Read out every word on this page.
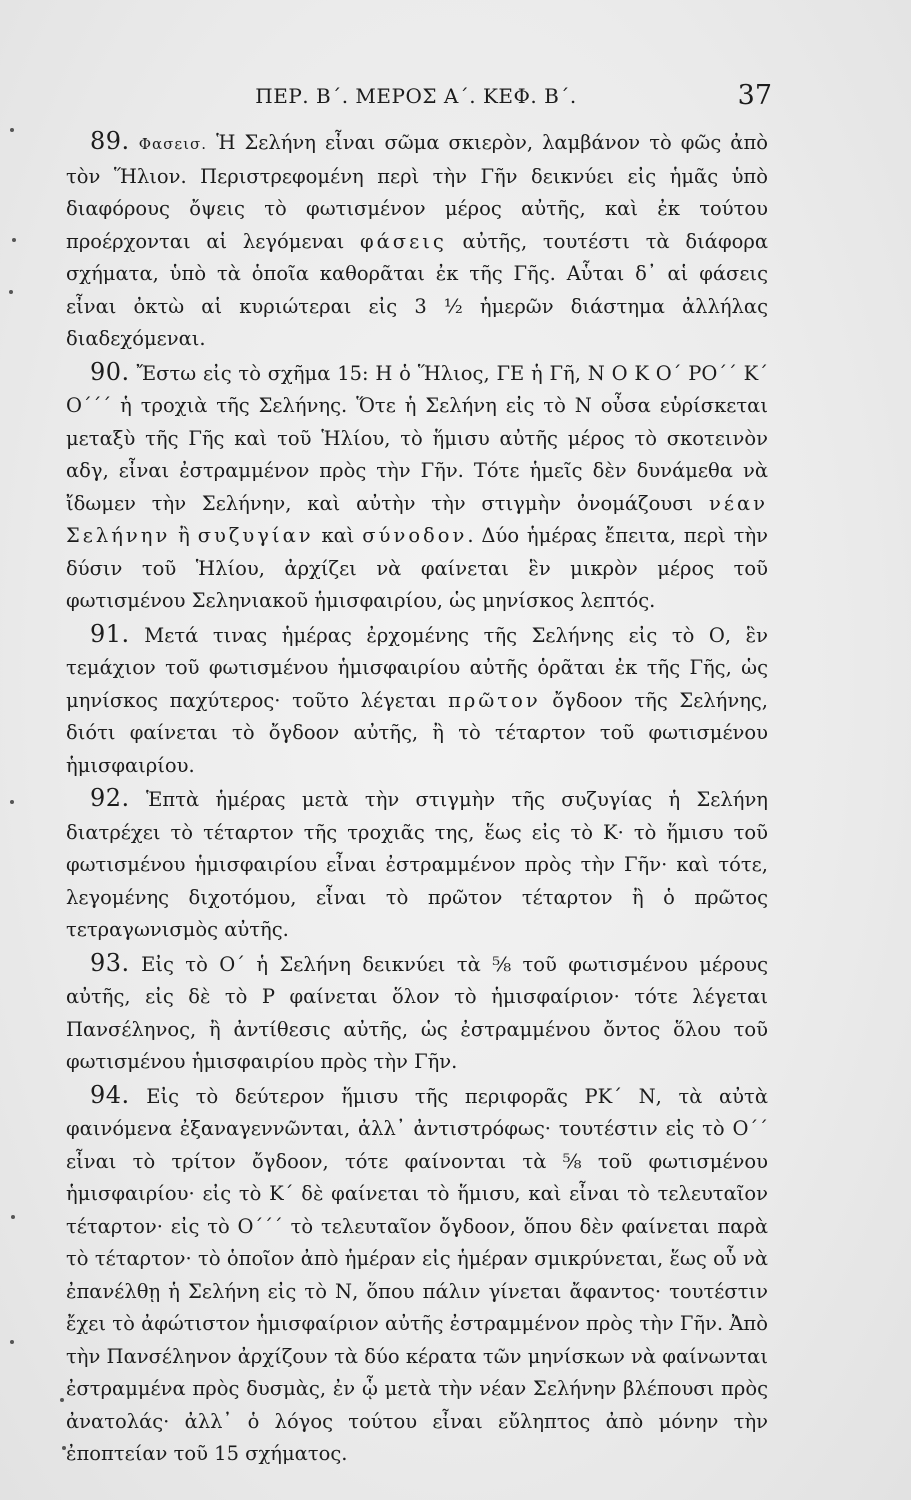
ΠΕΡ. Β΄. ΜΕΡΟΣ Α΄. ΚΕΦ. Β΄.	37

89. Φασεισ. Ἡ Σελήνη εἶναι σῶμα σκιερὸν, λαμβάνον τὸ φῶς ἀπὸ τὸν Ἥλιον. Περιστρεφομένη περὶ τὴν Γῆν δεικνύει εἰς ἡμᾶς ὑπὸ διαφόρους ὄψεις τὸ φωτισμένον μέρος αὐτῆς, καὶ ἐκ τούτου προέρχονται αἱ λεγόμεναι φάσεις αὐτῆς, τουτέστι τὰ διάφορα σχήματα, ὑπὸ τὰ ὁποῖα καθορᾶται ἐκ τῆς Γῆς. Αὗται δ᾽ αἱ φάσεις εἶναι ὀκτὼ αἱ κυριώτεραι εἰς 3 ½ ἡμερῶν διάστημα ἀλλήλας διαδεχόμεναι.

90. Ἔστω εἰς τὸ σχῆμα 15: Η ὁ Ἥλιος, ΓΕ ἡ Γῆ, Ν Ο Κ Ο΄ ΡΟ΄΄ Κ΄ Ο΄΄΄ ἡ τροχιὰ τῆς Σελήνης. Ὅτε ἡ Σελήνη εἰς τὸ Ν οὖσα εὑρίσκεται μεταξὺ τῆς Γῆς καὶ τοῦ Ἡλίου, τὸ ἥμισυ αὐτῆς μέρος τὸ σκοτεινὸν αδγ, εἶναι ἐστραμμένον πρὸς τὴν Γῆν. Τότε ἡμεῖς δὲν δυνάμεθα νὰ ἴδωμεν τὴν Σελήνην, καὶ αὐτὴν τὴν στιγμὴν ὀνομάζουσι νέαν Σελήνην ἢ συζυγίαν καὶ σύνοδον. Δύο ἡμέρας ἔπειτα, περὶ τὴν δύσιν τοῦ Ἡλίου, ἀρχίζει νὰ φαίνεται ἓν μικρὸν μέρος τοῦ φωτισμένου Σεληνιακοῦ ἡμισφαιρίου, ὡς μηνίσκος λεπτός.

91. Μετά τινας ἡμέρας ἐρχομένης τῆς Σελήνης εἰς τὸ Ο, ἓν τεμάχιον τοῦ φωτισμένου ἡμισφαιρίου αὐτῆς ὁρᾶται ἐκ τῆς Γῆς, ὡς μηνίσκος παχύτερος· τοῦτο λέγεται πρῶτον ὄγδοον τῆς Σελήνης, διότι φαίνεται τὸ ὄγδοον αὐτῆς, ἢ τὸ τέταρτον τοῦ φωτισμένου ἡμισφαιρίου.

92. Ἑπτὰ ἡμέρας μετὰ τὴν στιγμὴν τῆς συζυγίας ἡ Σελήνη διατρέχει τὸ τέταρτον τῆς τροχιᾶς της, ἕως εἰς τὸ Κ· τὸ ἥμισυ τοῦ φωτισμένου ἡμισφαιρίου εἶναι ἐστραμμένον πρὸς τὴν Γῆν· καὶ τότε, λεγομένης διχοτόμου, εἶναι τὸ πρῶτον τέταρτον ἢ ὁ πρῶτος τετραγωνισμὸς αὐτῆς.

93. Εἰς τὸ Ο΄ ἡ Σελήνη δεικνύει τὰ ⅝ τοῦ φωτισμένου μέρους αὐτῆς, εἰς δὲ τὸ Ρ φαίνεται ὅλον τὸ ἡμισφαίριον· τότε λέγεται Πανσέληνος, ἢ ἀντίθεσις αὐτῆς, ὡς ἐστραμμένου ὄντος ὅλου τοῦ φωτισμένου ἡμισφαιρίου πρὸς τὴν Γῆν.

94. Εἰς τὸ δεύτερον ἥμισυ τῆς περιφορᾶς ΡΚ΄ Ν, τὰ αὐτὰ φαινόμενα ἐξαναγεννῶνται, ἀλλ᾽ ἀντιστρόφως· τουτέστιν εἰς τὸ Ο΄΄ εἶναι τὸ τρίτον ὄγδοον, τότε φαίνονται τὰ ⅝ τοῦ φωτισμένου ἡμισφαιρίου· εἰς τὸ Κ΄ δὲ φαίνεται τὸ ἥμισυ, καὶ εἶναι τὸ τελευταῖον τέταρτον· εἰς τὸ Ο΄΄΄ τὸ τελευταῖον ὄγδοον, ὅπου δὲν φαίνεται παρὰ τὸ τέταρτον· τὸ ὁποῖον ἀπὸ ἡμέραν εἰς ἡμέραν σμικρύνεται, ἕως οὗ νὰ ἐπανέλθῃ ἡ Σελήνη εἰς τὸ Ν, ὅπου πάλιν γίνεται ἄφαντος· τουτέστιν ἔχει τὸ ἀφώτιστον ἡμισφαίριον αὐτῆς ἐστραμμένον πρὸς τὴν Γῆν. Ἀπὸ τὴν Πανσέληνον ἀρχίζουν τὰ δύο κέρατα τῶν μηνίσκων νὰ φαίνωνται ἐστραμμένα πρὸς δυσμὰς, ἐν ᾧ μετὰ τὴν νέαν Σελήνην βλέπουσι πρὸς ἀνατολάς· ἀλλ᾽ ὁ λόγος τούτου εἶναι εὔληπτος ἀπὸ μόνην τὴν ἐποπτείαν τοῦ 15 σχήματος.
